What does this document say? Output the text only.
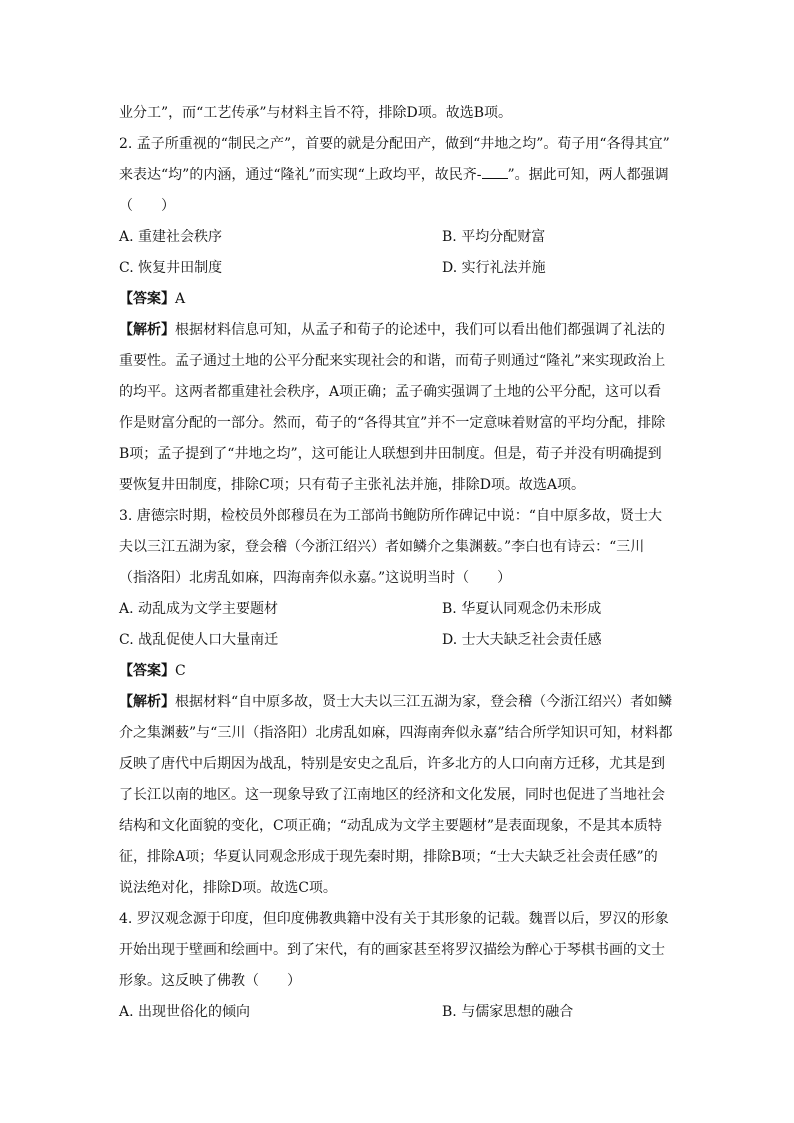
业分工”，而“工艺传承”与材料主旨不符，排除D项。故选B项。
2. 孟子所重视的“制民之产”，首要的就是分配田产，做到“井地之均”。荀子用“各得其宜”
来表达“均”的内涵，通过“隆礼”而实现“上政均平，故民齐- ”。据此可知，两人都强调
（　　）
A. 重建社会秩序	B. 平均分配财富
C. 恢复井田制度	D. 实行礼法并施
【答案】A
【解析】根据材料信息可知，从孟子和荀子的论述中，我们可以看出他们都强调了礼法的
重要性。孟子通过土地的公平分配来实现社会的和谐，而荀子则通过“隆礼”来实现政治上
的均平。这两者都重建社会秩序，A项正确；孟子确实强调了土地的公平分配，这可以看
作是财富分配的一部分。然而，荀子的“各得其宜”并不一定意味着财富的平均分配，排除
B项；孟子提到了“井地之均”，这可能让人联想到井田制度。但是，荀子并没有明确提到
要恢复井田制度，排除C项；只有荀子主张礼法并施，排除D项。故选A项。
3. 唐德宗时期，检校员外郎穆员在为工部尚书鲍防所作碑记中说：“自中原多故，贤士大
夫以三江五湖为家，登会稽（今浙江绍兴）者如鳞介之集渊薮。”李白也有诗云：“三川
（指洛阳）北虏乱如麻，四海南奔似永嘉。”这说明当时（　　）
A. 动乱成为文学主要题材	B. 华夏认同观念仍未形成
C. 战乱促使人口大量南迁	D. 士大夫缺乏社会责任感
【答案】C
【解析】根据材料“自中原多故，贤士大夫以三江五湖为家，登会稽（今浙江绍兴）者如鳞
介之集渊薮”与“三川（指洛阳）北虏乱如麻，四海南奔似永嘉”结合所学知识可知，材料都
反映了唐代中后期因为战乱，特别是安史之乱后，许多北方的人口向南方迁移，尤其是到
了长江以南的地区。这一现象导致了江南地区的经济和文化发展，同时也促进了当地社会
结构和文化面貌的变化，C项正确；“动乱成为文学主要题材”是表面现象，不是其本质特
征，排除A项；华夏认同观念形成于现先秦时期，排除B项；“士大夫缺乏社会责任感”的
说法绝对化，排除D项。故选C项。
4. 罗汉观念源于印度，但印度佛教典籍中没有关于其形象的记载。魏晋以后，罗汉的形象
开始出现于壁画和绘画中。到了宋代，有的画家甚至将罗汉描绘为醉心于琴棋书画的文士
形象。这反映了佛教（　　）
A. 出现世俗化的倾向	B. 与儒家思想的融合
